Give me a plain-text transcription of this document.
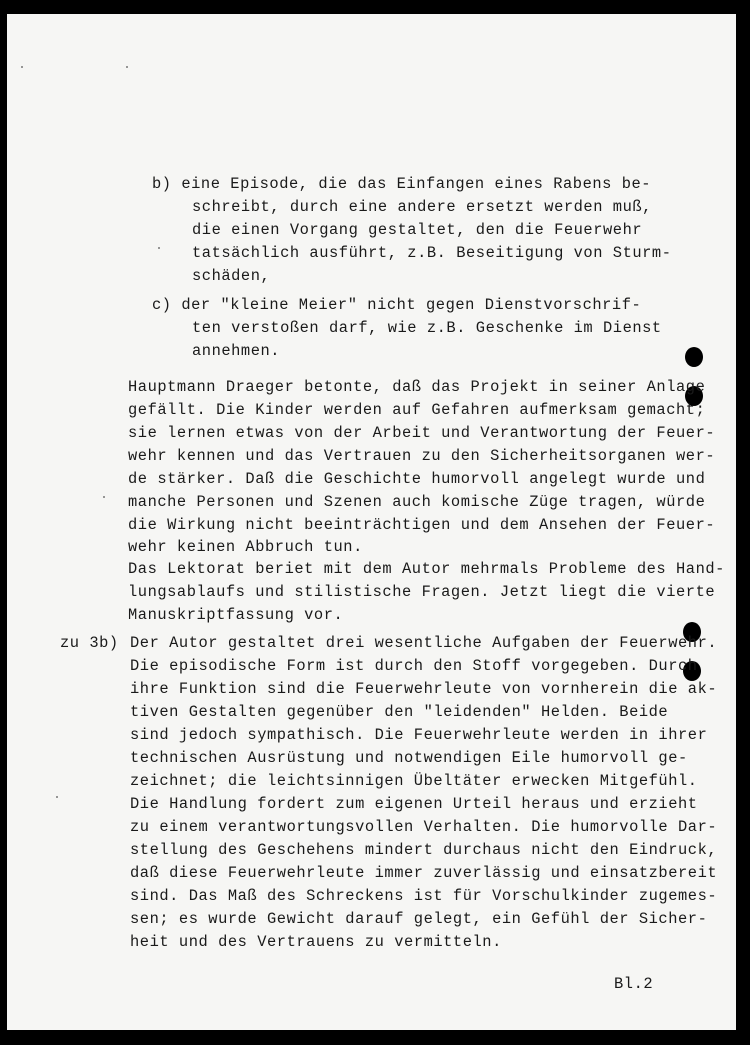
b) eine Episode, die das Einfangen eines Rabens be-
schreibt, durch eine andere ersetzt werden muß,
die einen Vorgang gestaltet, den die Feuerwehr
tatsächlich ausführt, z.B. Beseitigung von Sturm-
schäden,
c) der "kleine Meier" nicht gegen Dienstvorschrif-
ten verstoßen darf, wie z.B. Geschenke im Dienst
annehmen.
Hauptmann Draeger betonte, daß das Projekt in seiner Anlage
gefällt. Die Kinder werden auf Gefahren aufmerksam gemacht;
sie lernen etwas von der Arbeit und Verantwortung der Feuer-
wehr kennen und das Vertrauen zu den Sicherheitsorganen wer-
de stärker. Daß die Geschichte humorvoll angelegt wurde und
manche Personen und Szenen auch komische Züge tragen, würde
die Wirkung nicht beeinträchtigen und dem Ansehen der Feuer-
wehr keinen Abbruch tun.
Das Lektorat beriet mit dem Autor mehrmals Probleme des Hand-
lungsablaufs und stilistische Fragen. Jetzt liegt die vierte
Manuskriptfassung vor.
zu 3b) Der Autor gestaltet drei wesentliche Aufgaben der Feuerwehr.
Die episodische Form ist durch den Stoff vorgegeben. Durch
ihre Funktion sind die Feuerwehrleute von vornherein die ak-
tiven Gestalten gegenüber den "leidenden" Helden. Beide
sind jedoch sympathisch. Die Feuerwehrleute werden in ihrer
technischen Ausrüstung und notwendigen Eile humorvoll ge-
zeichnet; die leichtsinnigen Übeltäter erwecken Mitgefühl.
Die Handlung fordert zum eigenen Urteil heraus und erzieht
zu einem verantwortungsvollen Verhalten. Die humorvolle Dar-
stellung des Geschehens mindert durchaus nicht den Eindruck,
daß diese Feuerwehrleute immer zuverlässig und einsatzbereit
sind. Das Maß des Schreckens ist für Vorschulkinder zugemes-
sen; es wurde Gewicht darauf gelegt, ein Gefühl der Sicher-
heit und des Vertrauens zu vermitteln.
Bl.2
